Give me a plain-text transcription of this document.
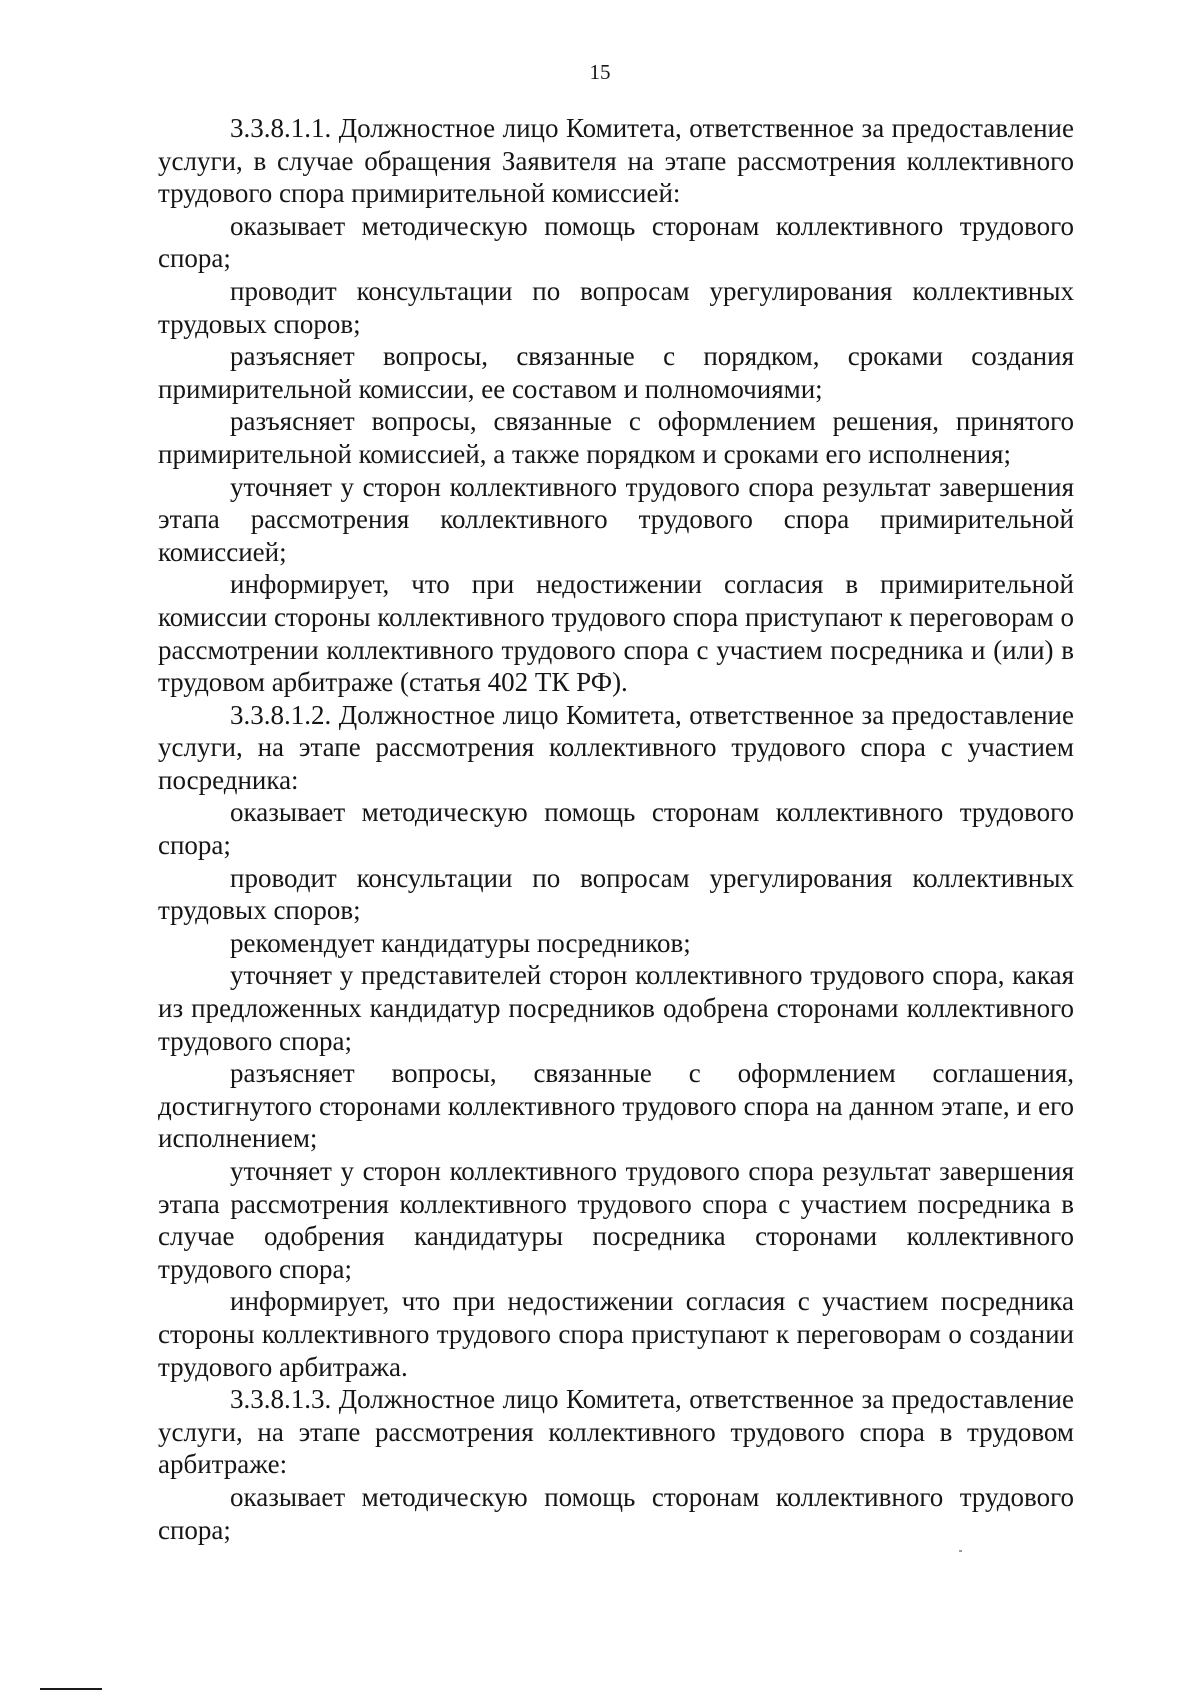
15

3.3.8.1.1. Должностное лицо Комитета, ответственное за предоставление услуги, в случае обращения Заявителя на этапе рассмотрения коллективного трудового спора примирительной комиссией:

оказывает методическую помощь сторонам коллективного трудового спора;

проводит консультации по вопросам урегулирования коллективных трудовых споров;

разъясняет вопросы, связанные с порядком, сроками создания примирительной комиссии, ее составом и полномочиями;

разъясняет вопросы, связанные с оформлением решения, принятого примирительной комиссией, а также порядком и сроками его исполнения;

уточняет у сторон коллективного трудового спора результат завершения этапа рассмотрения коллективного трудового спора примирительной комиссией;

информирует, что при недостижении согласия в примирительной комиссии стороны коллективного трудового спора приступают к переговорам о рассмотрении коллективного трудового спора с участием посредника и (или) в трудовом арбитраже (статья 402 ТК РФ).

3.3.8.1.2. Должностное лицо Комитета, ответственное за предоставление услуги, на этапе рассмотрения коллективного трудового спора с участием посредника:

оказывает методическую помощь сторонам коллективного трудового спора;

проводит консультации по вопросам урегулирования коллективных трудовых споров;

рекомендует кандидатуры посредников;

уточняет у представителей сторон коллективного трудового спора, какая из предложенных кандидатур посредников одобрена сторонами коллективного трудового спора;

разъясняет вопросы, связанные с оформлением соглашения, достигнутого сторонами коллективного трудового спора на данном этапе, и его исполнением;

уточняет у сторон коллективного трудового спора результат завершения этапа рассмотрения коллективного трудового спора с участием посредника в случае одобрения кандидатуры посредника сторонами коллективного трудового спора;

информирует, что при недостижении согласия с участием посредника стороны коллективного трудового спора приступают к переговорам о создании трудового арбитража.

3.3.8.1.3. Должностное лицо Комитета, ответственное за предоставление услуги, на этапе рассмотрения коллективного трудового спора в трудовом арбитраже:

оказывает методическую помощь сторонам коллективного трудового спора;
